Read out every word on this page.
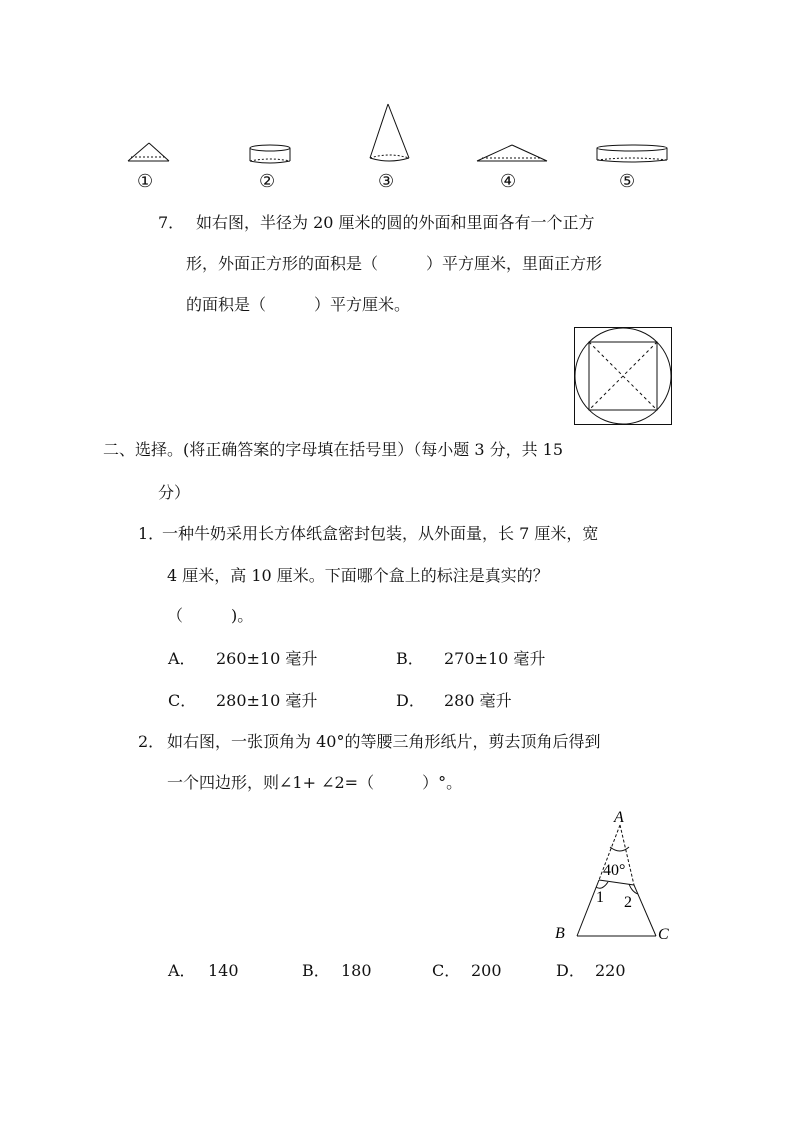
①	②	③	④	⑤
7． 如右图，半径为 20 厘米的圆的外面和里面各有一个正方
形，外面正方形的面积是（　　　）平方厘米，里面正方形
的面积是（　　　）平方厘米。
二、选择。(将正确答案的字母填在括号里）（每小题 3 分，共 15
分）
1．
一种牛奶采用长方体纸盒密封包装，从外面量，长 7 厘米，宽
4 厘米，高 10 厘米。下面哪个盒上的标注是真实的？
（　　　)。
A． 260±10 毫升	B． 270±10 毫升
C． 280±10 毫升	D． 280 毫升
2． 如右图，一张顶角为 40°的等腰三角形纸片，剪去顶角后得到
一个四边形，则∠1+ ∠2=（　　　）°。
A
B	C
40°
1 2
A． 140	B． 180	C． 200	D． 220
